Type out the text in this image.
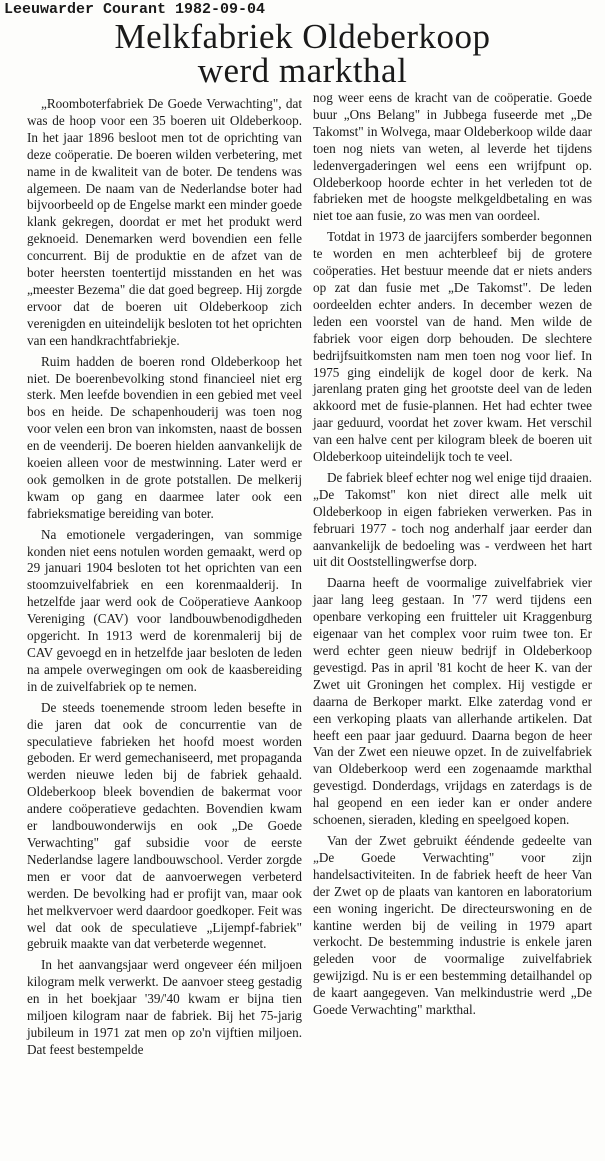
Leeuwarder Courant 1982-09-04
Melkfabriek Oldeberkoop
werd markthal

„Roomboterfabriek De Goede Verwachting", dat was de hoop voor een 35 boeren uit Oldeberkoop. In het jaar 1896 besloot men tot de oprichting van deze coöperatie. De boeren wilden verbetering, met name in de kwaliteit van de boter. De tendens was algemeen. De naam van de Nederlandse boter had bijvoorbeeld op de Engelse markt een minder goede klank gekregen, doordat er met het produkt werd geknoeid. Denemarken werd bovendien een felle concurrent. Bij de produktie en de afzet van de boter heersten toentertijd misstanden en het was „meester Bezema" die dat goed begreep. Hij zorgde ervoor dat de boeren uit Oldeberkoop zich verenigden en uiteindelijk besloten tot het oprichten van een handkrachtfabriekje.

Ruim hadden de boeren rond Oldeberkoop het niet. De boerenbevolking stond financieel niet erg sterk. Men leefde bovendien in een gebied met veel bos en heide. De schapenhouderij was toen nog voor velen een bron van inkomsten, naast de bossen en de veenderij. De boeren hielden aanvankelijk de koeien alleen voor de mestwinning. Later werd er ook gemolken in de grote potstallen. De melkerij kwam op gang en daarmee later ook een fabrieksmatige bereiding van boter.

Na emotionele vergaderingen, van sommige konden niet eens notulen worden gemaakt, werd op 29 januari 1904 besloten tot het oprichten van een stoomzuivelfabriek en een korenmaalderij. In hetzelfde jaar werd ook de Coöperatieve Aankoop Vereniging (CAV) voor landbouwbenodigdheden opgericht. In 1913 werd de korenmalerij bij de CAV gevoegd en in hetzelfde jaar besloten de leden na ampele overwegingen om ook de kaasbereiding in de zuivelfabriek op te nemen.

De steeds toenemende stroom leden besefte in die jaren dat ook de concurrentie van de speculatieve fabrieken het hoofd moest worden geboden. Er werd gemechaniseerd, met propaganda werden nieuwe leden bij de fabriek gehaald. Oldeberkoop bleek bovendien de bakermat voor andere coöperatieve gedachten. Bovendien kwam er landbouwonderwijs en ook „De Goede Verwachting" gaf subsidie voor de eerste Nederlandse lagere landbouwschool. Verder zorgde men er voor dat de aanvoerwegen verbeterd werden. De bevolking had er profijt van, maar ook het melkvervoer werd daardoor goedkoper. Feit was wel dat ook de speculatieve „Lijempf-fabriek" gebruik maakte van dat verbeterde wegennet.

In het aanvangsjaar werd ongeveer één miljoen kilogram melk verwerkt. De aanvoer steeg gestadig en in het boekjaar '39/'40 kwam er bijna tien miljoen kilogram naar de fabriek. Bij het 75-jarig jubileum in 1971 zat men op zo'n vijftien miljoen. Dat feest bestempelde

nog weer eens de kracht van de coöperatie. Goede buur „Ons Belang" in Jubbega fuseerde met „De Takomst" in Wolvega, maar Oldeberkoop wilde daar toen nog niets van weten, al leverde het tijdens ledenvergaderingen wel eens een wrijfpunt op. Oldeberkoop hoorde echter in het verleden tot de fabrieken met de hoogste melkgeldbetaling en was niet toe aan fusie, zo was men van oordeel.

Totdat in 1973 de jaarcijfers somberder begonnen te worden en men achterbleef bij de grotere coöperaties. Het bestuur meende dat er niets anders op zat dan fusie met „De Takomst". De leden oordeelden echter anders. In december wezen de leden een voorstel van de hand. Men wilde de fabriek voor eigen dorp behouden. De slechtere bedrijfsuitkomsten nam men toen nog voor lief. In 1975 ging eindelijk de kogel door de kerk. Na jarenlang praten ging het grootste deel van de leden akkoord met de fusie-plannen. Het had echter twee jaar geduurd, voordat het zover kwam. Het verschil van een halve cent per kilogram bleek de boeren uit Oldeberkoop uiteindelijk toch te veel.

De fabriek bleef echter nog wel enige tijd draaien. „De Takomst" kon niet direct alle melk uit Oldeberkoop in eigen fabrieken verwerken. Pas in februari 1977 - toch nog anderhalf jaar eerder dan aanvankelijk de bedoeling was - verdween het hart uit dit Ooststellingwerfse dorp.

Daarna heeft de voormalige zuivelfabriek vier jaar lang leeg gestaan. In '77 werd tijdens een openbare verkoping een fruitteler uit Kraggenburg eigenaar van het complex voor ruim twee ton. Er werd echter geen nieuw bedrijf in Oldeberkoop gevestigd. Pas in april '81 kocht de heer K. van der Zwet uit Groningen het complex. Hij vestigde er daarna de Berkoper markt. Elke zaterdag vond er een verkoping plaats van allerhande artikelen. Dat heeft een paar jaar geduurd. Daarna begon de heer Van der Zwet een nieuwe opzet. In de zuivelfabriek van Oldeberkoop werd een zogenaamde markthal gevestigd. Donderdags, vrijdags en zaterdags is de hal geopend en een ieder kan er onder andere schoenen, sieraden, kleding en speelgoed kopen.

Van der Zwet gebruikt ééndende gedeelte van „De Goede Verwachting" voor zijn handelsactiviteiten. In de fabriek heeft de heer Van der Zwet op de plaats van kantoren en laboratorium een woning ingericht. De directeurswoning en de kantine werden bij de veiling in 1979 apart verkocht. De bestemming industrie is enkele jaren geleden voor de voormalige zuivelfabriek gewijzigd. Nu is er een bestemming detailhandel op de kaart aangegeven. Van melkindustrie werd „De Goede Verwachting" markthal.
